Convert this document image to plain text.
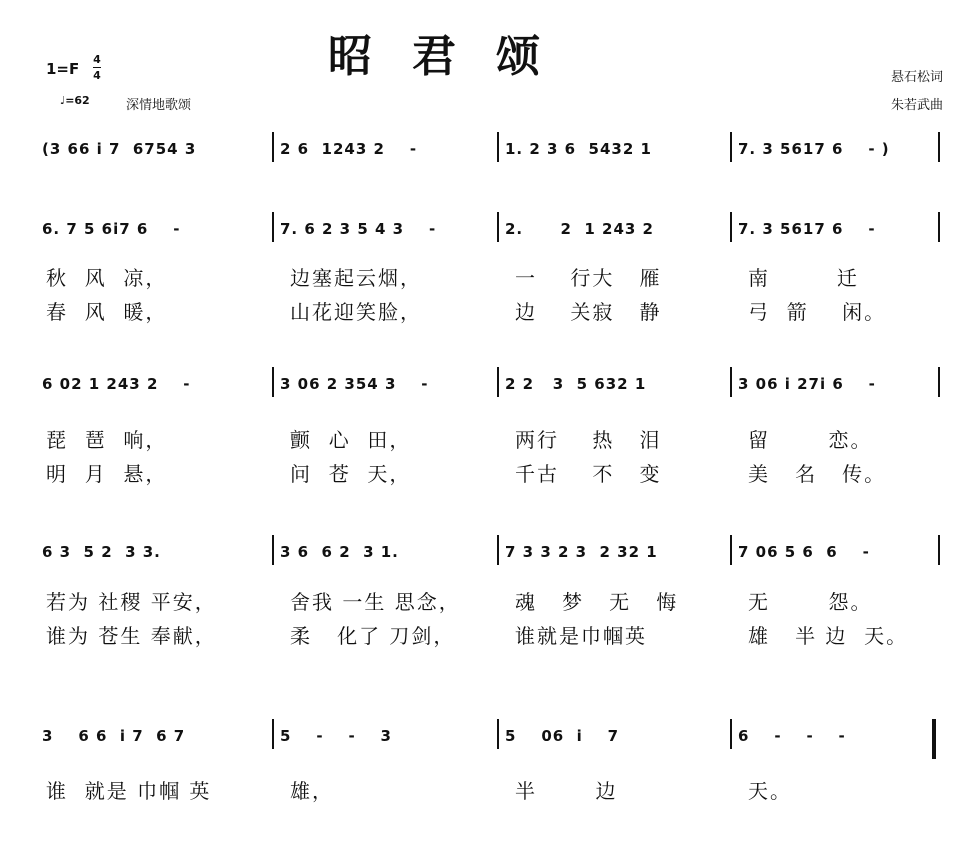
昭君颂
1=F
4
4
♩=62	深情地歌颂
悬石松词
朱若武曲
(3 66 i 7  6754 3	2 6  1243 2    -	1. 2 3 6  5432 1	7. 3 5617 6    - )
6. 7 5 6i7 6    -	7. 6 2 3 5 4 3    -	2.      2  1 243 2	7. 3 5617 6    -
秋  风  凉，	边塞起云烟，	一    行大   雁	南        迁
春  风  暖，	山花迎笑脸，	边    关寂   静	弓  箭    闲。
6 02 1 243 2    -	3 06 2 354 3    -	2 2   3  5 632 1	3 06 i 27i 6    -
琵  琶  响，	颤  心  田，	两行    热   泪	留       恋。
明  月  悬，	问  苍  天，	千古    不   变	美   名   传。
6 3  5 2  3 3.	3 6  6 2  3 1.	7 3 3 2 3  2 32 1	7 06 5 6  6    -
若为 社稷 平安，	舍我 一生 思念，	魂   梦   无   悔	无       怨。
谁为 苍生 奉献，	柔   化了 刀剑，	谁就是巾帼英	雄   半 边  天。
3    6 6  i 7  6 7	5    -    -    3	5    06  i    7	6    -    -    -
谁  就是 巾帼 英	雄，	半       边	天。
